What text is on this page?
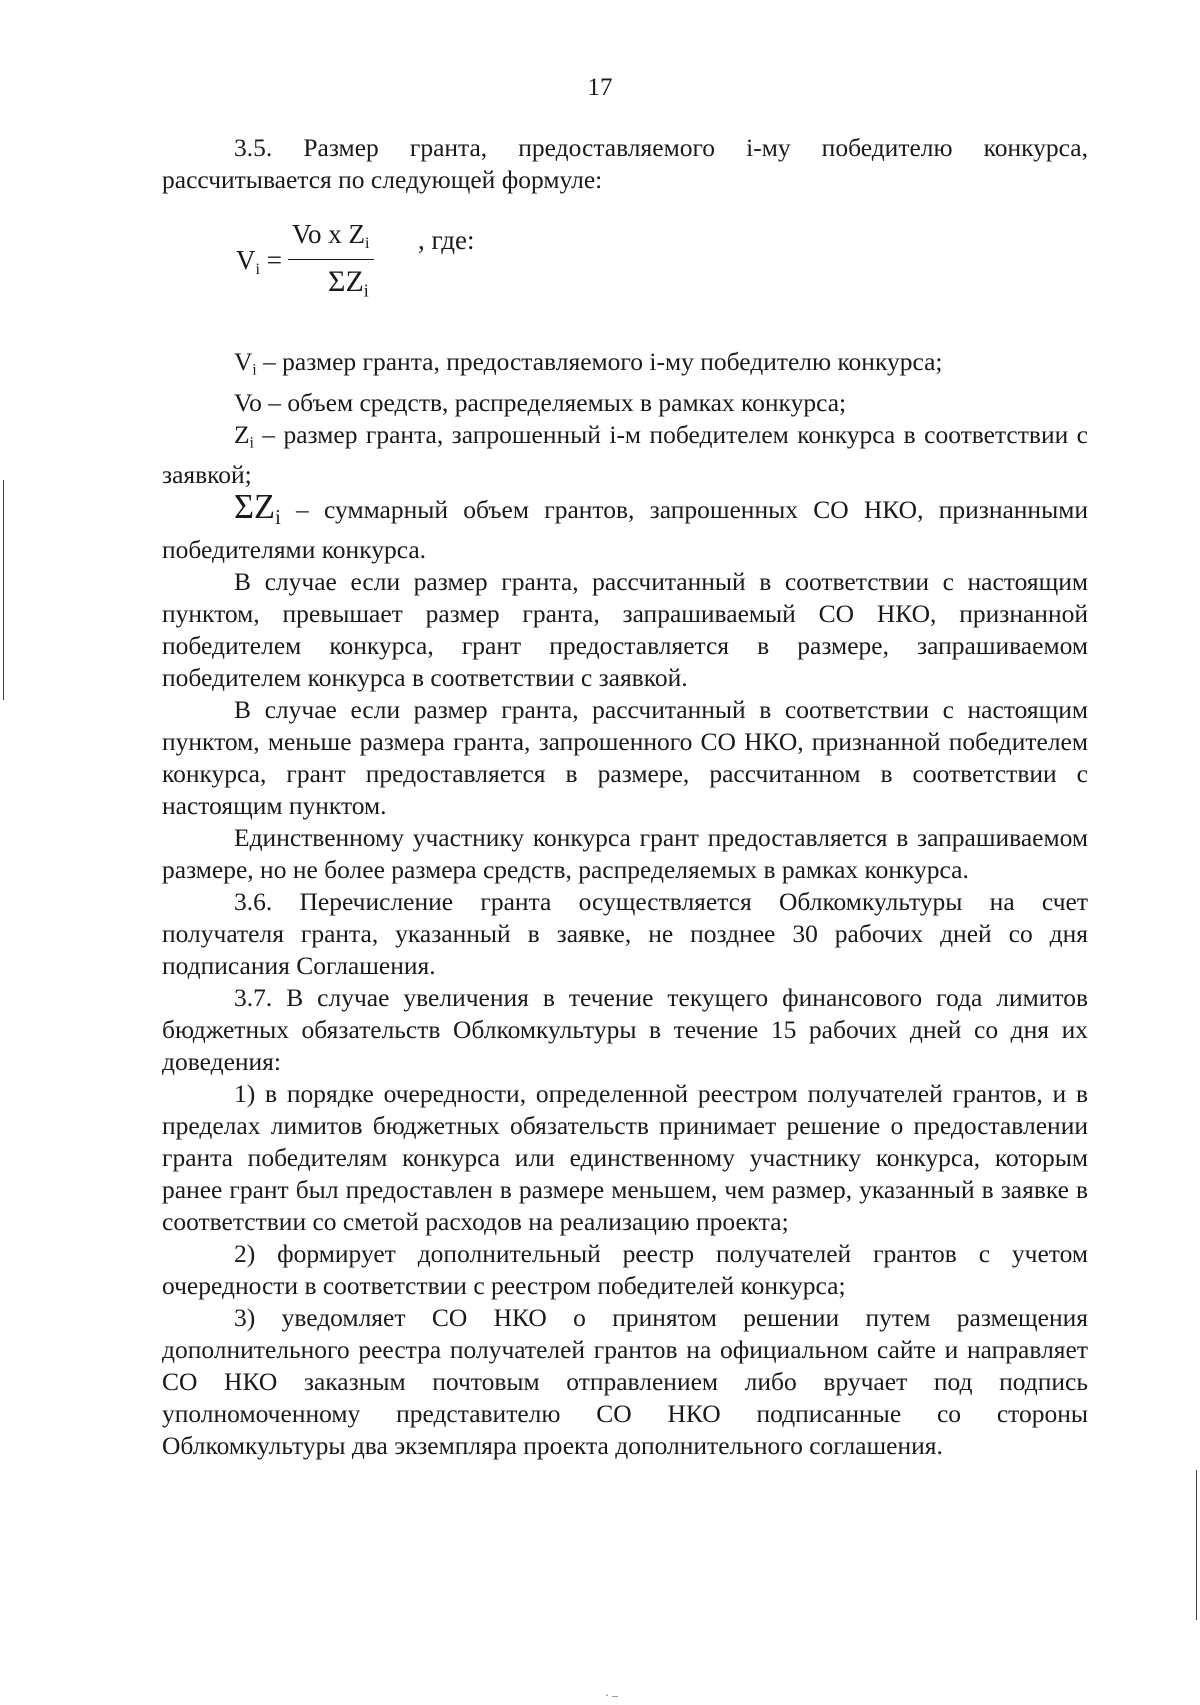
17

3.5. Размер гранта, предоставляемого i-му победителю конкурса, рассчитывается по следующей формуле:

$V_i$ =
Vo x $Z_i$ , где:
$\Sigma Z_i$

$V_i$ – размер гранта, предоставляемого i-му победителю конкурса;

Vo – объем средств, распределяемых в рамках конкурса;

$Z_i$ – размер гранта, запрошенный i-м победителем конкурса в соответствии с заявкой;

$\Sigma Z_i$ – суммарный объем грантов, запрошенных СО НКО, признанными победителями конкурса.

В случае если размер гранта, рассчитанный в соответствии с настоящим пунктом, превышает размер гранта, запрашиваемый СО НКО, признанной победителем конкурса, грант предоставляется в размере, запрашиваемом победителем конкурса в соответствии с заявкой.

В случае если размер гранта, рассчитанный в соответствии с настоящим пунктом, меньше размера гранта, запрошенного СО НКО, признанной победителем конкурса, грант предоставляется в размере, рассчитанном в соответствии с настоящим пунктом.

Единственному участнику конкурса грант предоставляется в запрашиваемом размере, но не более размера средств, распределяемых в рамках конкурса.

3.6. Перечисление гранта осуществляется Облкомкультуры на счет получателя гранта, указанный в заявке, не позднее 30 рабочих дней со дня подписания Соглашения.

3.7. В случае увеличения в течение текущего финансового года лимитов бюджетных обязательств Облкомкультуры в течение 15 рабочих дней со дня их доведения:

1) в порядке очередности, определенной реестром получателей грантов, и в пределах лимитов бюджетных обязательств принимает решение о предоставлении гранта победителям конкурса или единственному участнику конкурса, которым ранее грант был предоставлен в размере меньшем, чем размер, указанный в заявке в соответствии со сметой расходов на реализацию проекта;

2) формирует дополнительный реестр получателей грантов с учетом очередности в соответствии с реестром победителей конкурса;

3) уведомляет СО НКО о принятом решении путем размещения дополнительного реестра получателей грантов на официальном сайте и направляет СО НКО заказным почтовым отправлением либо вручает под подпись уполномоченному представителю СО НКО подписанные со стороны Облкомкультуры два экземпляра проекта дополнительного соглашения.

· ‒
